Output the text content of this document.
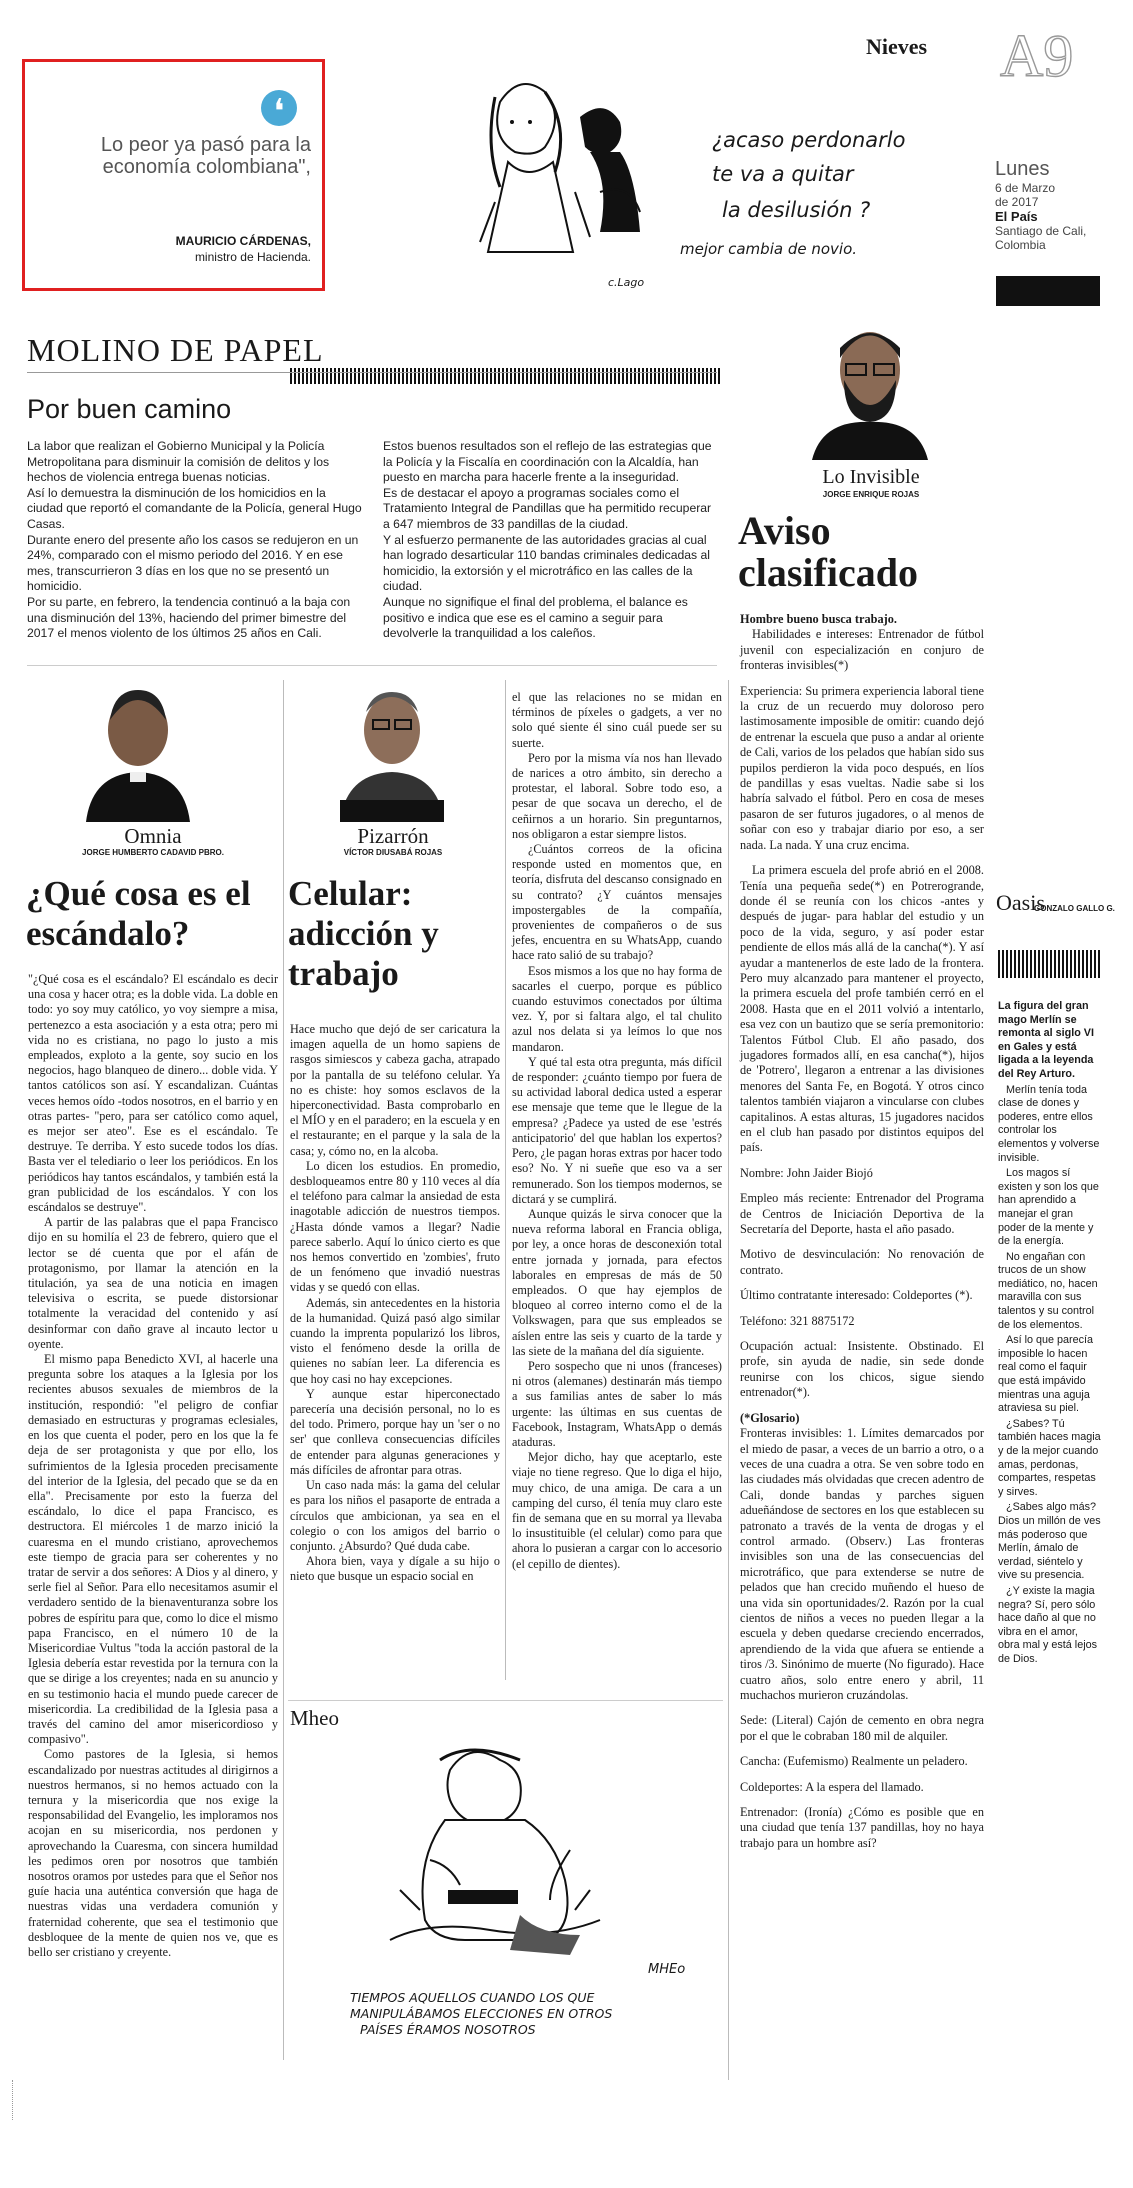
Nieves A9
Lunes
6 de Marzo
de 2017
El País
Santiago de Cali,
Colombia
❛
Lo peor ya pasó para la economía colombiana",
MAURICIO CÁRDENAS,
ministro de Hacienda.
¿acaso perdonarlo
te va a quitar
la desilusión ?
mejor cambia de novio.
c.Lago
MOLINO DE PAPEL
Por buen camino
La labor que realizan el Gobierno Municipal y la Policía Metropolitana para disminuir la comisión de delitos y los hechos de violencia entrega buenas noticias.
Así lo demuestra la disminución de los homicidios en la ciudad que reportó el comandante de la Policía, general Hugo Casas.
Durante enero del presente año los casos se redujeron en un 24%, comparado con el mismo periodo del 2016. Y en ese mes, transcurrieron 3 días en los que no se presentó un homicidio.
Por su parte, en febrero, la tendencia continuó a la baja con una disminución del 13%, haciendo del primer bimestre del 2017 el menos violento de los últimos 25 años en Cali.
Estos buenos resultados son el reflejo de las estrategias que la Policía y la Fiscalía en coordinación con la Alcaldía, han puesto en marcha para hacerle frente a la inseguridad.
Es de destacar el apoyo a programas sociales como el Tratamiento Integral de Pandillas que ha permitido recuperar a 647 miembros de 33 pandillas de la ciudad.
Y al esfuerzo permanente de las autoridades gracias al cual han logrado desarticular 110 bandas criminales dedicadas al homicidio, la extorsión y el microtráfico en las calles de la ciudad.
Aunque no signifique el final del problema, el balance es positivo e indica que ese es el camino a seguir para devolverle la tranquilidad a los caleños.
Lo Invisible
JORGE ENRIQUE ROJAS
Aviso clasificado

Hombre bueno busca trabajo.

Habilidades e intereses: Entrenador de fútbol juvenil con especialización en conjuro de fronteras invisibles(*)

Experiencia: Su primera experiencia laboral tiene la cruz de un recuerdo muy doloroso pero lastimosamente imposible de omitir: cuando dejó de entrenar la escuela que puso a andar al oriente de Cali, varios de los pelados que habían sido sus pupilos perdieron la vida poco después, en líos de pandillas y esas vueltas. Nadie sabe si los habría salvado el fútbol. Pero en cosa de meses pasaron de ser futuros jugadores, o al menos de soñar con eso y trabajar diario por eso, a ser nada. La nada. Y una cruz encima.

La primera escuela del profe abrió en el 2008. Tenía una pequeña sede(*) en Potrerogrande, donde él se reunía con los chicos -antes y después de jugar- para hablar del estudio y un poco de la vida, seguro, y así poder estar pendiente de ellos más allá de la cancha(*). Y así ayudar a mantenerlos de este lado de la frontera. Pero muy alcanzado para mantener el proyecto, la primera escuela del profe también cerró en el 2008. Hasta que en el 2011 volvió a intentarlo, esa vez con un bautizo que se sería premonitorio: Talentos Fútbol Club. El año pasado, dos jugadores formados allí, en esa cancha(*), hijos de 'Potrero', llegaron a entrenar a las divisiones menores del Santa Fe, en Bogotá. Y otros cinco talentos también viajaron a vincularse con clubes capitalinos. A estas alturas, 15 jugadores nacidos en el club han pasado por distintos equipos del país.

Nombre: John Jaider Biojó

Empleo más reciente: Entrenador del Programa de Centros de Iniciación Deportiva de la Secretaría del Deporte, hasta el año pasado.

Motivo de desvinculación: No renovación de contrato.

Último contratante interesado: Coldeportes (*).

Teléfono: 321 8875172

Ocupación actual: Insistente. Obstinado. El profe, sin ayuda de nadie, sin sede donde reunirse con los chicos, sigue siendo entrenador(*).

(*Glosario)

Fronteras invisibles: 1. Límites demarcados por el miedo de pasar, a veces de un barrio a otro, o a veces de una cuadra a otra. Se ven sobre todo en las ciudades más olvidadas que crecen adentro de Cali, donde bandas y parches siguen adueñándose de sectores en los que establecen su patronato a través de la venta de drogas y el control armado. (Observ.) Las fronteras invisibles son una de las consecuencias del microtráfico, que para extenderse se nutre de pelados que han crecido muñendo el hueso de una vida sin oportunidades/2. Razón por la cual cientos de niños a veces no pueden llegar a la escuela y deben quedarse creciendo encerrados, aprendiendo de la vida que afuera se entiende a tiros /3. Sinónimo de muerte (No figurado). Hace cuatro años, solo entre enero y abril, 11 muchachos murieron cruzándolas.

Sede: (Literal) Cajón de cemento en obra negra por el que le cobraban 180 mil de alquiler.

Cancha: (Eufemismo) Realmente un peladero.

Coldeportes: A la espera del llamado.

Entrenador: (Ironía) ¿Cómo es posible que en una ciudad que tenía 137 pandillas, hoy no haya trabajo para un hombre así?

Oasis
GONZALO GALLO G.
La figura del gran mago Merlín se remonta al siglo VI en Gales y está ligada a la leyenda del Rey Arturo.
Merlín tenía toda clase de dones y poderes, entre ellos controlar los elementos y volverse invisible.
Los magos sí existen y son los que han aprendido a manejar el gran poder de la mente y de la energía.
No engañan con trucos de un show mediático, no, hacen maravilla con sus talentos y su control de los elementos.
Así lo que parecía imposible lo hacen real como el faquir que está impávido mientras una aguja atraviesa su piel.
¿Sabes? Tú también haces magia y de la mejor cuando amas, perdonas, compartes, respetas y sirves.
¿Sabes algo más? Dios un millón de ves más poderoso que Merlín, ámalo de verdad, siéntelo y vive su presencia.
¿Y existe la magia negra? Sí, pero sólo hace daño al que no vibra en el amor, obra mal y está lejos de Dios.
Omnia
JORGE HUMBERTO CADAVID PBRO.
¿Qué cosa es el escándalo?

"¿Qué cosa es el escándalo? El escándalo es decir una cosa y hacer otra; es la doble vida. La doble en todo: yo soy muy católico, yo voy siempre a misa, pertenezco a esta asociación y a esta otra; pero mi vida no es cristiana, no pago lo justo a mis empleados, exploto a la gente, soy sucio en los negocios, hago blanqueo de dinero... doble vida. Y tantos católicos son así. Y escandalizan. Cuántas veces hemos oído -todos nosotros, en el barrio y en otras partes- "pero, para ser católico como aquel, es mejor ser ateo". Ese es el escándalo. Te destruye. Te derriba. Y esto sucede todos los días. Basta ver el telediario o leer los periódicos. En los periódicos hay tantos escándalos, y también está la gran publicidad de los escándalos. Y con los escándalos se destruye".

A partir de las palabras que el papa Francisco dijo en su homilía el 23 de febrero, quiero que el lector se dé cuenta que por el afán de protagonismo, por llamar la atención en la titulación, ya sea de una noticia en imagen televisiva o escrita, se puede distorsionar totalmente la veracidad del contenido y así desinformar con daño grave al incauto lector u oyente.

El mismo papa Benedicto XVI, al hacerle una pregunta sobre los ataques a la Iglesia por los recientes abusos sexuales de miembros de la institución, respondió: "el peligro de confiar demasiado en estructuras y programas eclesiales, en los que cuenta el poder, pero en los que la fe deja de ser protagonista y que por ello, los sufrimientos de la Iglesia proceden precisamente del interior de la Iglesia, del pecado que se da en ella". Precisamente por esto la fuerza del escándalo, lo dice el papa Francisco, es destructora. El miércoles 1 de marzo inició la cuaresma en el mundo cristiano, aprovechemos este tiempo de gracia para ser coherentes y no tratar de servir a dos señores: A Dios y al dinero, y serle fiel al Señor. Para ello necesitamos asumir el verdadero sentido de la bienaventuranza sobre los pobres de espíritu para que, como lo dice el mismo papa Francisco, en el número 10 de la Misericordiae Vultus "toda la acción pastoral de la Iglesia debería estar revestida por la ternura con la que se dirige a los creyentes; nada en su anuncio y en su testimonio hacia el mundo puede carecer de misericordia. La credibilidad de la Iglesia pasa a través del camino del amor misericordioso y compasivo".

Como pastores de la Iglesia, si hemos escandalizado por nuestras actitudes al dirigirnos a nuestros hermanos, si no hemos actuado con la ternura y la misericordia que nos exige la responsabilidad del Evangelio, les imploramos nos acojan en su misericordia, nos perdonen y aprovechando la Cuaresma, con sincera humildad les pedimos oren por nosotros que también nosotros oramos por ustedes para que el Señor nos guíe hacia una auténtica conversión que haga de nuestras vidas una verdadera comunión y fraternidad coherente, que sea el testimonio que desbloquee de la mente de quien nos ve, que es bello ser cristiano y creyente.

Pizarrón
VÍCTOR DIUSABÁ ROJAS
Celular: adicción y trabajo

Hace mucho que dejó de ser caricatura la imagen aquella de un homo sapiens de rasgos simiescos y cabeza gacha, atrapado por la pantalla de su teléfono celular. Ya no es chiste: hoy somos esclavos de la hiperconectividad. Basta comprobarlo en el MÍO y en el paradero; en la escuela y en el restaurante; en el parque y la sala de la casa; y, cómo no, en la alcoba.

Lo dicen los estudios. En promedio, desbloqueamos entre 80 y 110 veces al día el teléfono para calmar la ansiedad de esta inagotable adicción de nuestros tiempos. ¿Hasta dónde vamos a llegar? Nadie parece saberlo. Aquí lo único cierto es que nos hemos convertido en 'zombies', fruto de un fenómeno que invadió nuestras vidas y se quedó con ellas.

Además, sin antecedentes en la historia de la humanidad. Quizá pasó algo similar cuando la imprenta popularizó los libros, visto el fenómeno desde la orilla de quienes no sabían leer. La diferencia es que hoy casi no hay excepciones.

Y aunque estar hiperconectado parecería una decisión personal, no lo es del todo. Primero, porque hay un 'ser o no ser' que conlleva consecuencias difíciles de entender para algunas generaciones y más difíciles de afrontar para otras.

Un caso nada más: la gama del celular es para los niños el pasaporte de entrada a círculos que ambicionan, ya sea en el colegio o con los amigos del barrio o conjunto. ¿Absurdo? Qué duda cabe.

Ahora bien, vaya y dígale a su hijo o nieto que busque un espacio social en

el que las relaciones no se midan en términos de píxeles o gadgets, a ver no solo qué siente él sino cuál puede ser su suerte.

Pero por la misma vía nos han llevado de narices a otro ámbito, sin derecho a protestar, el laboral. Sobre todo eso, a pesar de que socava un derecho, el de ceñirnos a un horario. Sin preguntarnos, nos obligaron a estar siempre listos.

¿Cuántos correos de la oficina responde usted en momentos que, en teoría, disfruta del descanso consignado en su contrato? ¿Y cuántos mensajes impostergables de la compañía, provenientes de compañeros o de sus jefes, encuentra en su WhatsApp, cuando hace rato salió de su trabajo?

Esos mismos a los que no hay forma de sacarles el cuerpo, porque es público cuando estuvimos conectados por última vez. Y, por si faltara algo, el tal chulito azul nos delata si ya leímos lo que nos mandaron.

Y qué tal esta otra pregunta, más difícil de responder: ¿cuánto tiempo por fuera de su actividad laboral dedica usted a esperar ese mensaje que teme que le llegue de la empresa? ¿Padece ya usted de ese 'estrés anticipatorio' del que hablan los expertos? Pero, ¿le pagan horas extras por hacer todo eso? No. Y ni sueñe que eso va a ser remunerado. Son los tiempos modernos, se dictará y se cumplirá.

Aunque quizás le sirva conocer que la nueva reforma laboral en Francia obliga, por ley, a once horas de desconexión total entre jornada y jornada, para efectos laborales en empresas de más de 50 empleados. O que hay ejemplos de bloqueo al correo interno como el de la Volkswagen, para que sus empleados se aíslen entre las seis y cuarto de la tarde y las siete de la mañana del día siguiente.

Pero sospecho que ni unos (franceses) ni otros (alemanes) destinarán más tiempo a sus familias antes de saber lo más urgente: las últimas en sus cuentas de Facebook, Instagram, WhatsApp o demás ataduras.

Mejor dicho, hay que aceptarlo, este viaje no tiene regreso. Que lo diga el hijo, muy chico, de una amiga. De cara a un camping del curso, él tenía muy claro este fin de semana que en su morral ya llevaba lo insustituible (el celular) como para que ahora lo pusieran a cargar con lo accesorio (el cepillo de dientes).

Mheo
MHEo
TIEMPOS AQUELLOS CUANDO LOS QUE
MANIPULÁBAMOS ELECCIONES EN OTROS
PAÍSES ÉRAMOS NOSOTROS
